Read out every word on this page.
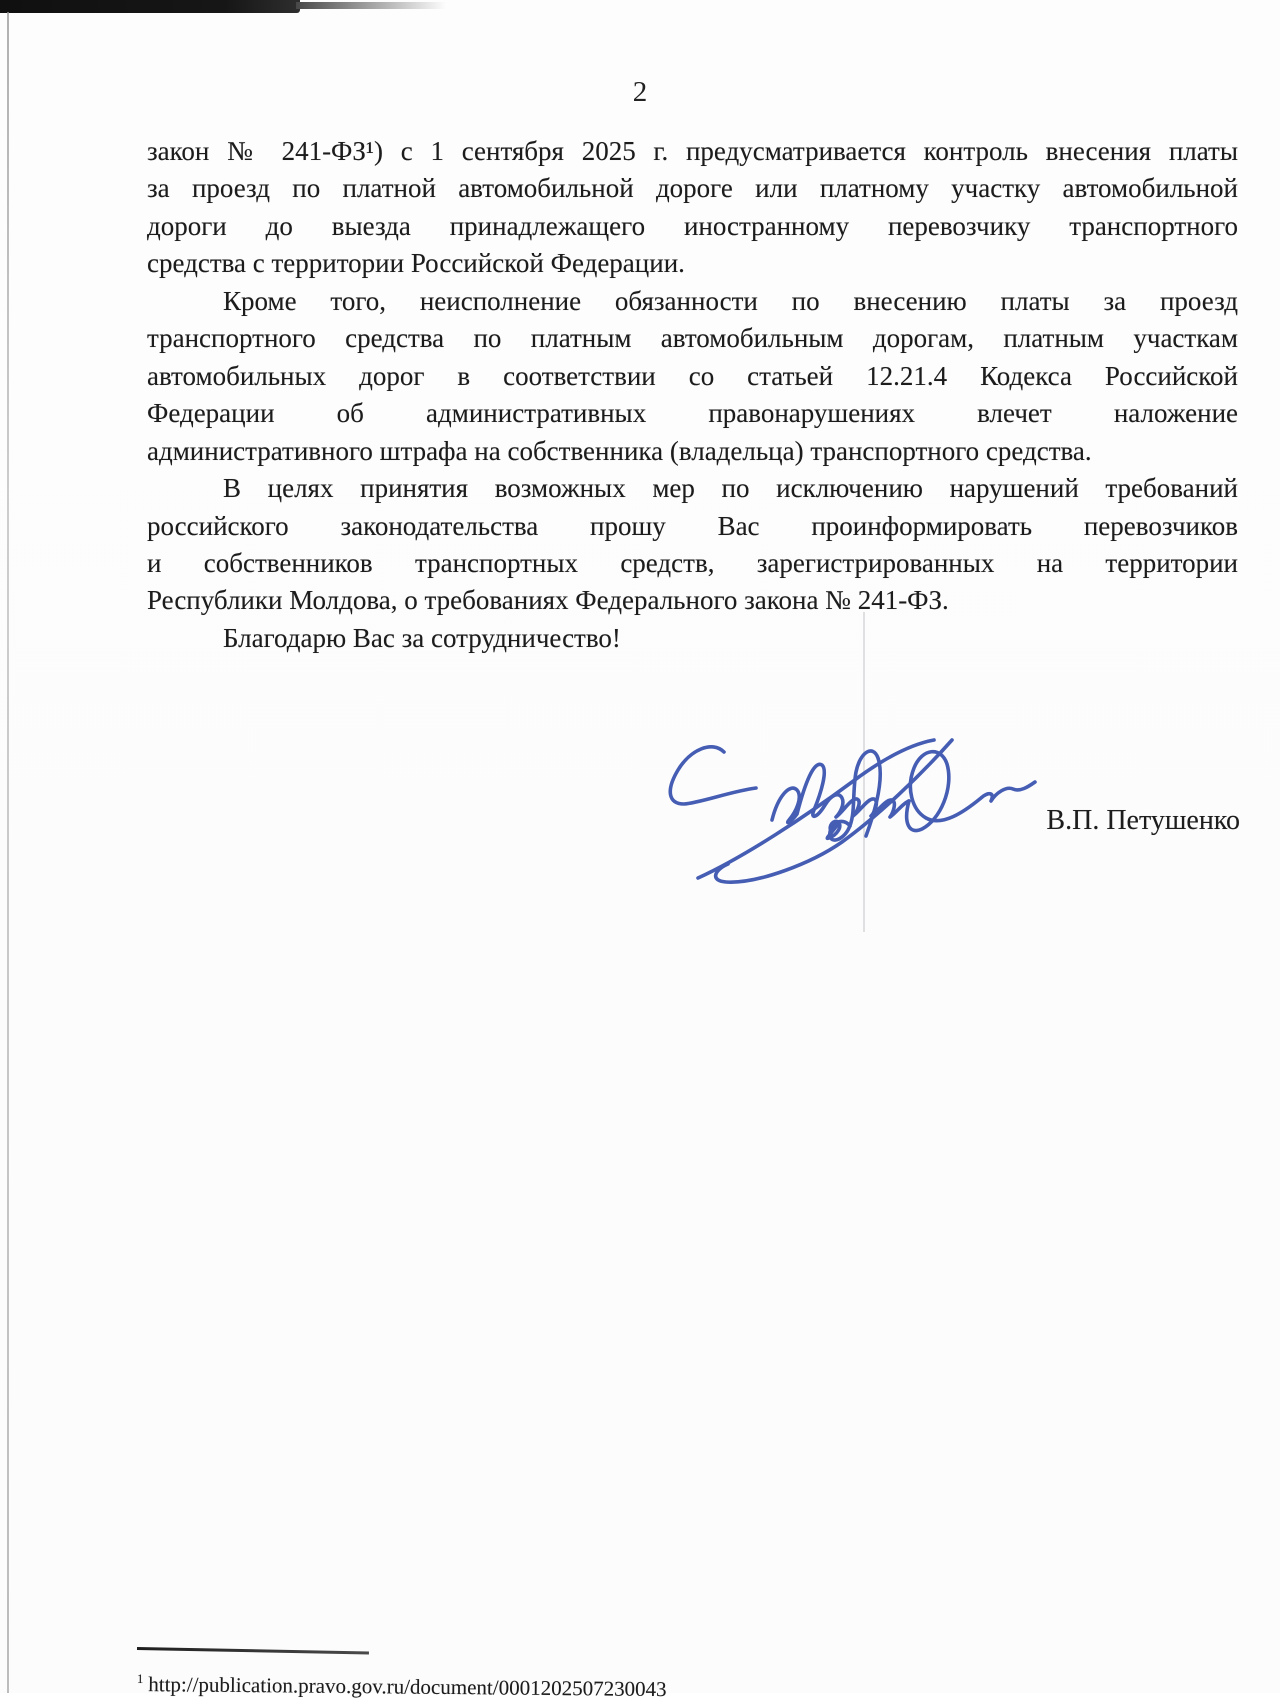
2
закон № 241-ФЗ¹) с 1 сентября 2025 г. предусматривается контроль внесения платы
за проезд по платной автомобильной дороге или платному участку автомобильной
дороги до выезда принадлежащего иностранному перевозчику транспортного
средства с территории Российской Федерации.
Кроме того, неисполнение обязанности по внесению платы за проезд
транспортного средства по платным автомобильным дорогам, платным участкам
автомобильных дорог в соответствии со статьей 12.21.4 Кодекса Российской
Федерации об административных правонарушениях влечет наложение
административного штрафа на собственника (владельца) транспортного средства.
В целях принятия возможных мер по исключению нарушений требований
российского законодательства прошу Вас проинформировать перевозчиков
и собственников транспортных средств, зарегистрированных на территории
Республики Молдова, о требованиях Федерального закона № 241-ФЗ.
Благодарю Вас за сотрудничество!
В.П. Петушенко
$^1$ http://publication.pravo.gov.ru/document/0001202507230043
